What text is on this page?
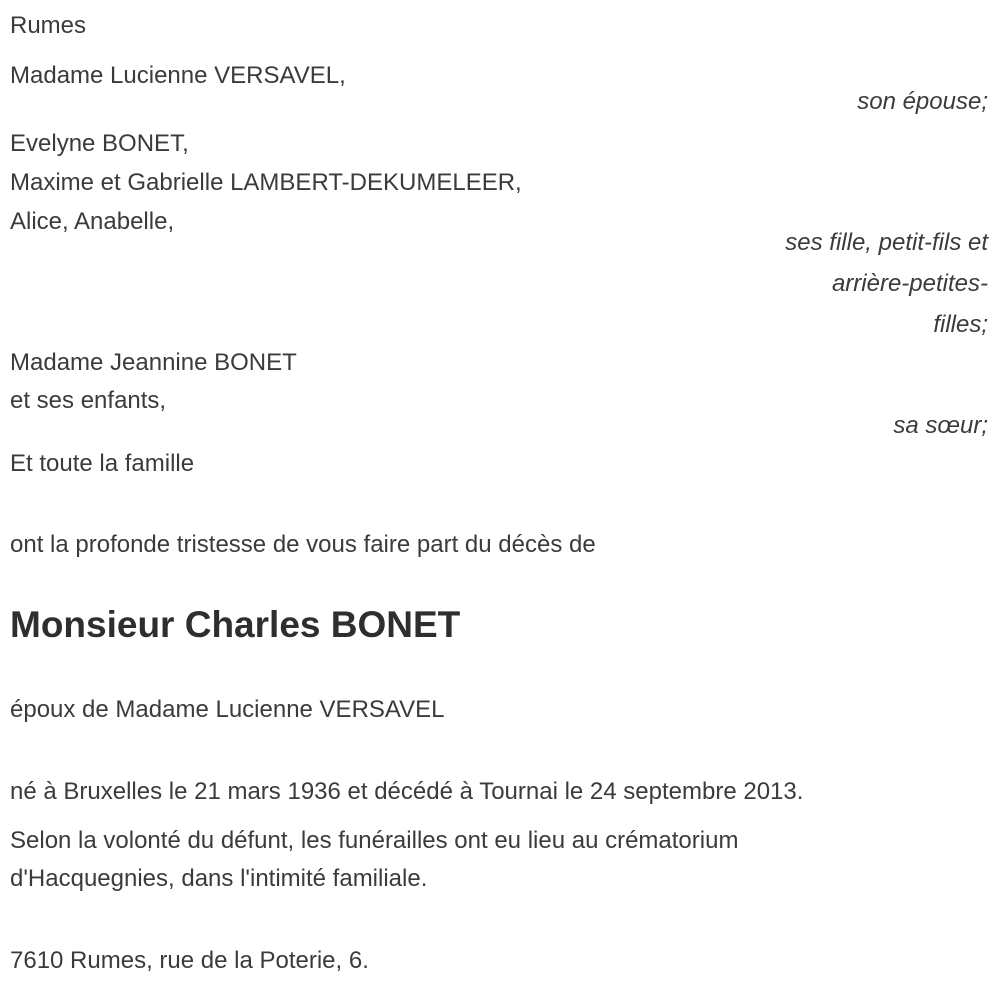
Rumes
Madame Lucienne VERSAVEL,
son épouse;
Evelyne BONET,
Maxime et Gabrielle LAMBERT-DEKUMELEER,
Alice, Anabelle,
ses fille, petit-fils et
arrière-petites-
filles;
Madame Jeannine BONET
et ses enfants,
sa sœur;
Et toute la famille
ont la profonde tristesse de vous faire part du décès de
Monsieur Charles BONET
époux de Madame Lucienne VERSAVEL
né à Bruxelles le 21 mars 1936 et décédé à Tournai le 24 septembre 2013.
Selon la volonté du défunt, les funérailles ont eu lieu au crématorium
d'Hacquegnies, dans l'intimité familiale.
7610 Rumes, rue de la Poterie, 6.
